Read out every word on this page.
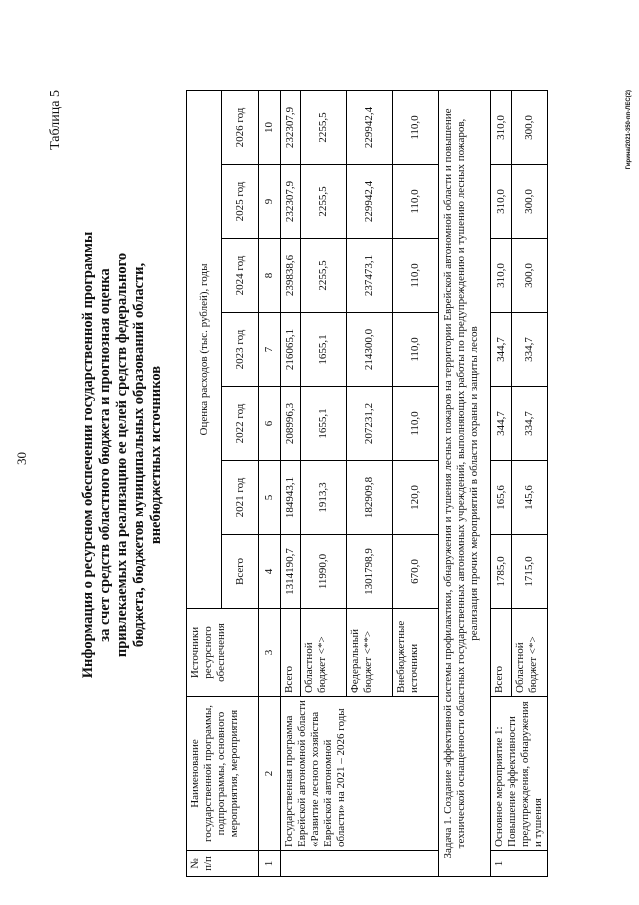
30
Таблица 5
Информация о ресурсном обеспечении государственной программы за счет средств областного бюджета и прогнозная оценка привлекаемых на реализацию ее целей средств федерального бюджета, бюджетов муниципальных образований области, внебюджетных источников
Гирина/2021-350-пп-ЛЕС(2)
№ п/п	Наименование государственной программы, подпрограммы, основного мероприятия, мероприятия	Источники ресурсного обеспечения	Оценка расходов (тыс. рублей), годы						
			Всего	2021 год	2022 год	2023 год	2024 год	2025 год	2026 год
1	2	3	4	5	6	7	8	9	10
	Государственная программа Еврейской автономной области «Развитие лесного хозяйства Еврейской автономной области» на 2021 – 2026 годы	Всего	1314190,7	184943,1	208996,3	216065,1	239838,6	232307,9	232307,9
		Областной бюджет <*>	11990,0	1913,3	1655,1	1655,1	2255,5	2255,5	2255,5
		Федеральный бюджет <**>	1301798,9	182909,8	207231,2	214300,0	237473,1	229942,4	229942,4
		Внебюджетные источники	670,0	120,0	110,0	110,0	110,0	110,0	110,0
Задача 1. Создание эффективной системы профилактики, обнаружения и тушения лесных пожаров на территории Еврейской автономной области и повышение технической оснащенности областных государственных автономных учреждений, выполняющих работы по предупреждению и тушению лесных пожаров, реализация прочих мероприятий в области охраны и защиты лесов									
1	Основное мероприятие 1: Повышение эффективности предупреждения, обнаружения и тушения	Всего	1785,0	165,6	344,7	344,7	310,0	310,0	310,0
		Областной бюджет <*>	1715,0	145,6	334,7	334,7	300,0	300,0	300,0
